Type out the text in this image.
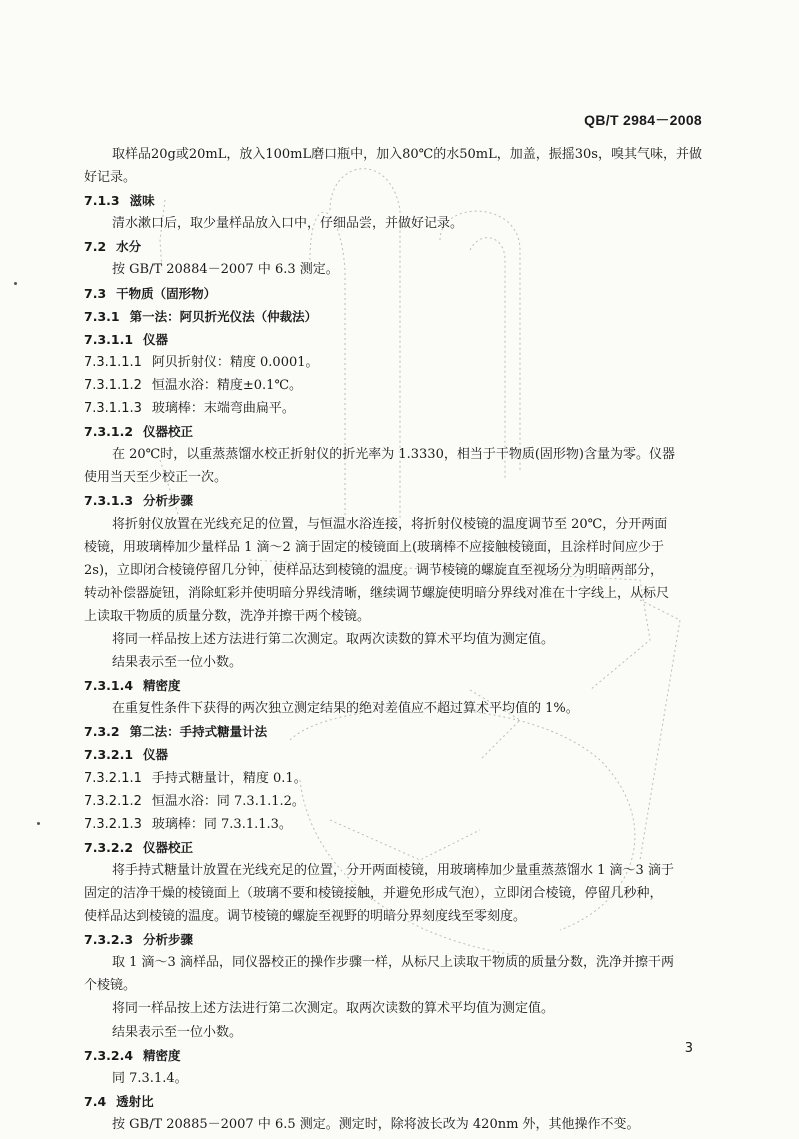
QB/T 2984－2008
取样品20g或20mL，放入100mL磨口瓶中，加入80℃的水50mL，加盖，振摇30s，嗅其气味，并做
好记录。
7.1.3 滋味
清水漱口后，取少量样品放入口中，仔细品尝，并做好记录。
7.2 水分
按 GB/T 20884－2007 中 6.3 测定。
7.3 干物质（固形物）
7.3.1 第一法：阿贝折光仪法（仲裁法）
7.3.1.1 仪器
7.3.1.1.1 阿贝折射仪：精度 0.0001。
7.3.1.1.2 恒温水浴：精度±0.1℃。
7.3.1.1.3 玻璃棒：末端弯曲扁平。
7.3.1.2 仪器校正
在 20℃时，以重蒸蒸馏水校正折射仪的折光率为 1.3330，相当于干物质(固形物)含量为零。仪器
使用当天至少校正一次。
7.3.1.3 分析步骤
将折射仪放置在光线充足的位置，与恒温水浴连接，将折射仪棱镜的温度调节至 20℃，分开两面
棱镜，用玻璃棒加少量样品 1 滴～2 滴于固定的棱镜面上(玻璃棒不应接触棱镜面，且涂样时间应少于
2s)，立即闭合棱镜停留几分钟，使样品达到棱镜的温度。调节棱镜的螺旋直至视场分为明暗两部分，
转动补偿器旋钮，消除虹彩并使明暗分界线清晰，继续调节螺旋使明暗分界线对准在十字线上，从标尺
上读取干物质的质量分数，洗净并擦干两个棱镜。
将同一样品按上述方法进行第二次测定。取两次读数的算术平均值为测定值。
结果表示至一位小数。
7.3.1.4 精密度
在重复性条件下获得的两次独立测定结果的绝对差值应不超过算术平均值的 1%。
7.3.2 第二法：手持式糖量计法
7.3.2.1 仪器
7.3.2.1.1 手持式糖量计，精度 0.1。
7.3.2.1.2 恒温水浴：同 7.3.1.1.2。
7.3.2.1.3 玻璃棒：同 7.3.1.1.3。
7.3.2.2 仪器校正
将手持式糖量计放置在光线充足的位置，分开两面棱镜，用玻璃棒加少量重蒸蒸馏水 1 滴～3 滴于
固定的洁净干燥的棱镜面上（玻璃不要和棱镜接触，并避免形成气泡），立即闭合棱镜，停留几秒种，
使样品达到棱镜的温度。调节棱镜的螺旋至视野的明暗分界刻度线至零刻度。
7.3.2.3 分析步骤
取 1 滴～3 滴样品，同仪器校正的操作步骤一样，从标尺上读取干物质的质量分数，洗净并擦干两
个棱镜。
将同一样品按上述方法进行第二次测定。取两次读数的算术平均值为测定值。
结果表示至一位小数。
7.3.2.4 精密度
同 7.3.1.4。
7.4 透射比
按 GB/T 20885－2007 中 6.5 测定。测定时，除将波长改为 420nm 外，其他操作不变。
3
